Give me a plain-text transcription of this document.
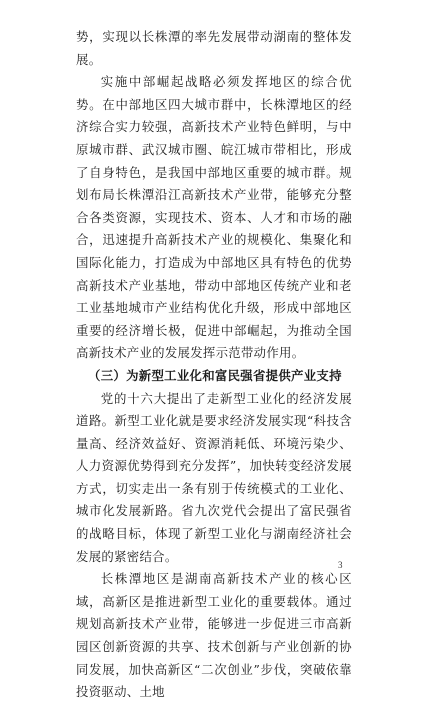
势，实现以长株潭的率先发展带动湖南的整体发展。

实施中部崛起战略必须发挥地区的综合优势。在中部地区四大城市群中，长株潭地区的经济综合实力较强，高新技术产业特色鲜明，与中原城市群、武汉城市圈、皖江城市带相比，形成了自身特色，是我国中部地区重要的城市群。规划布局长株潭沿江高新技术产业带，能够充分整合各类资源，实现技术、资本、人才和市场的融合，迅速提升高新技术产业的规模化、集聚化和国际化能力，打造成为中部地区具有特色的优势高新技术产业基地，带动中部地区传统产业和老工业基地城市产业结构优化升级，形成中部地区重要的经济增长极，促进中部崛起，为推动全国高新技术产业的发展发挥示范带动作用。

（三）为新型工业化和富民强省提供产业支持

党的十六大提出了走新型工业化的经济发展道路。新型工业化就是要求经济发展实现“科技含量高、经济效益好、资源消耗低、环境污染少、人力资源优势得到充分发挥”，加快转变经济发展方式，切实走出一条有别于传统模式的工业化、城市化发展新路。省九次党代会提出了富民强省的战略目标，体现了新型工业化与湖南经济社会发展的紧密结合。

长株潭地区是湖南高新技术产业的核心区域，高新区是推进新型工业化的重要载体。通过规划高新技术产业带，能够进一步促进三市高新园区创新资源的共享、技术创新与产业创新的协同发展，加快高新区“二次创业”步伐，突破依靠投资驱动、土地

3
